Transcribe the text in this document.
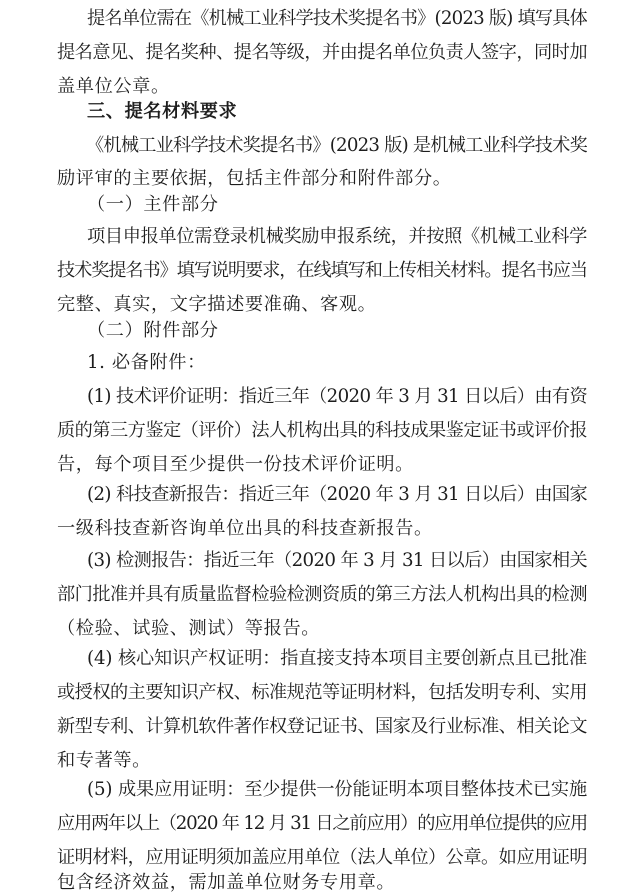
提名单位需在《机械工业科学技术奖提名书》(2023 版) 填写具体
提名意见、提名奖种、提名等级，并由提名单位负责人签字，同时加
盖单位公章。
三、提名材料要求
《机械工业科学技术奖提名书》(2023 版) 是机械工业科学技术奖
励评审的主要依据，包括主件部分和附件部分。
（一）主件部分
项目申报单位需登录机械奖励申报系统，并按照《机械工业科学
技术奖提名书》填写说明要求，在线填写和上传相关材料。提名书应当
完整、真实，文字描述要准确、客观。
（二）附件部分
1. 必备附件：
(1) 技术评价证明：指近三年（2020 年 3 月 31 日以后）由有资
质的第三方鉴定（评价）法人机构出具的科技成果鉴定证书或评价报
告，每个项目至少提供一份技术评价证明。
(2) 科技查新报告：指近三年（2020 年 3 月 31 日以后）由国家
一级科技查新咨询单位出具的科技查新报告。
(3) 检测报告：指近三年（2020 年 3 月 31 日以后）由国家相关
部门批准并具有质量监督检验检测资质的第三方法人机构出具的检测
（检验、试验、测试）等报告。
(4) 核心知识产权证明：指直接支持本项目主要创新点且已批准
或授权的主要知识产权、标准规范等证明材料，包括发明专利、实用
新型专利、计算机软件著作权登记证书、国家及行业标准、相关论文
和专著等。
(5) 成果应用证明：至少提供一份能证明本项目整体技术已实施
应用两年以上（2020 年 12 月 31 日之前应用）的应用单位提供的应用
证明材料，应用证明须加盖应用单位（法人单位）公章。如应用证明
包含经济效益，需加盖单位财务专用章。
